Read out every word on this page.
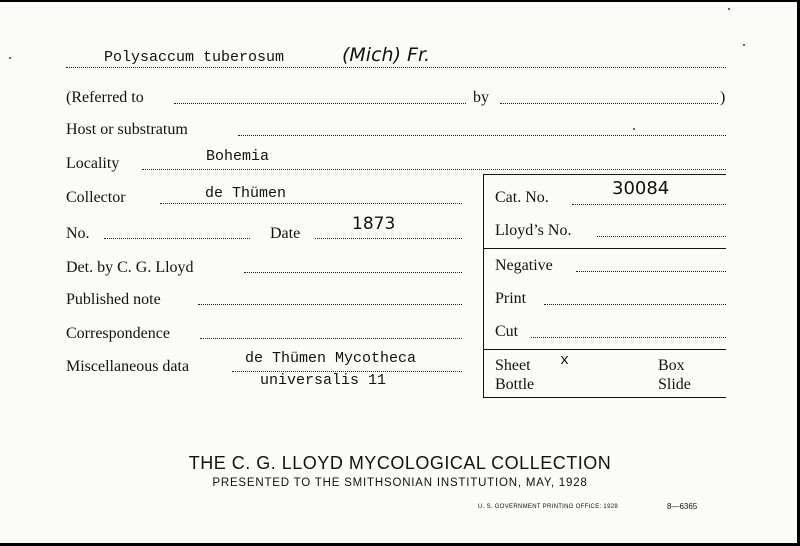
Polysaccum tuberosum	(Mich) Fr.
(Referred to	by	)
Host or substratum
Locality	Bohemia
Cat. No.	30084
Lloyd’s No.
Negative
Print
Cut
Sheet x	Box
Bottle	Slide
Collector	de Thümen
No.	Date	1873
Det. by C. G. Lloyd
Published note
Correspondence
Miscellaneous data	de Thümen Mycotheca
universalis 11
THE C. G. LLOYD MYCOLOGICAL COLLECTION
PRESENTED TO THE SMITHSONIAN INSTITUTION, MAY, 1928
U. S. GOVERNMENT PRINTING OFFICE: 1928	8—6365
